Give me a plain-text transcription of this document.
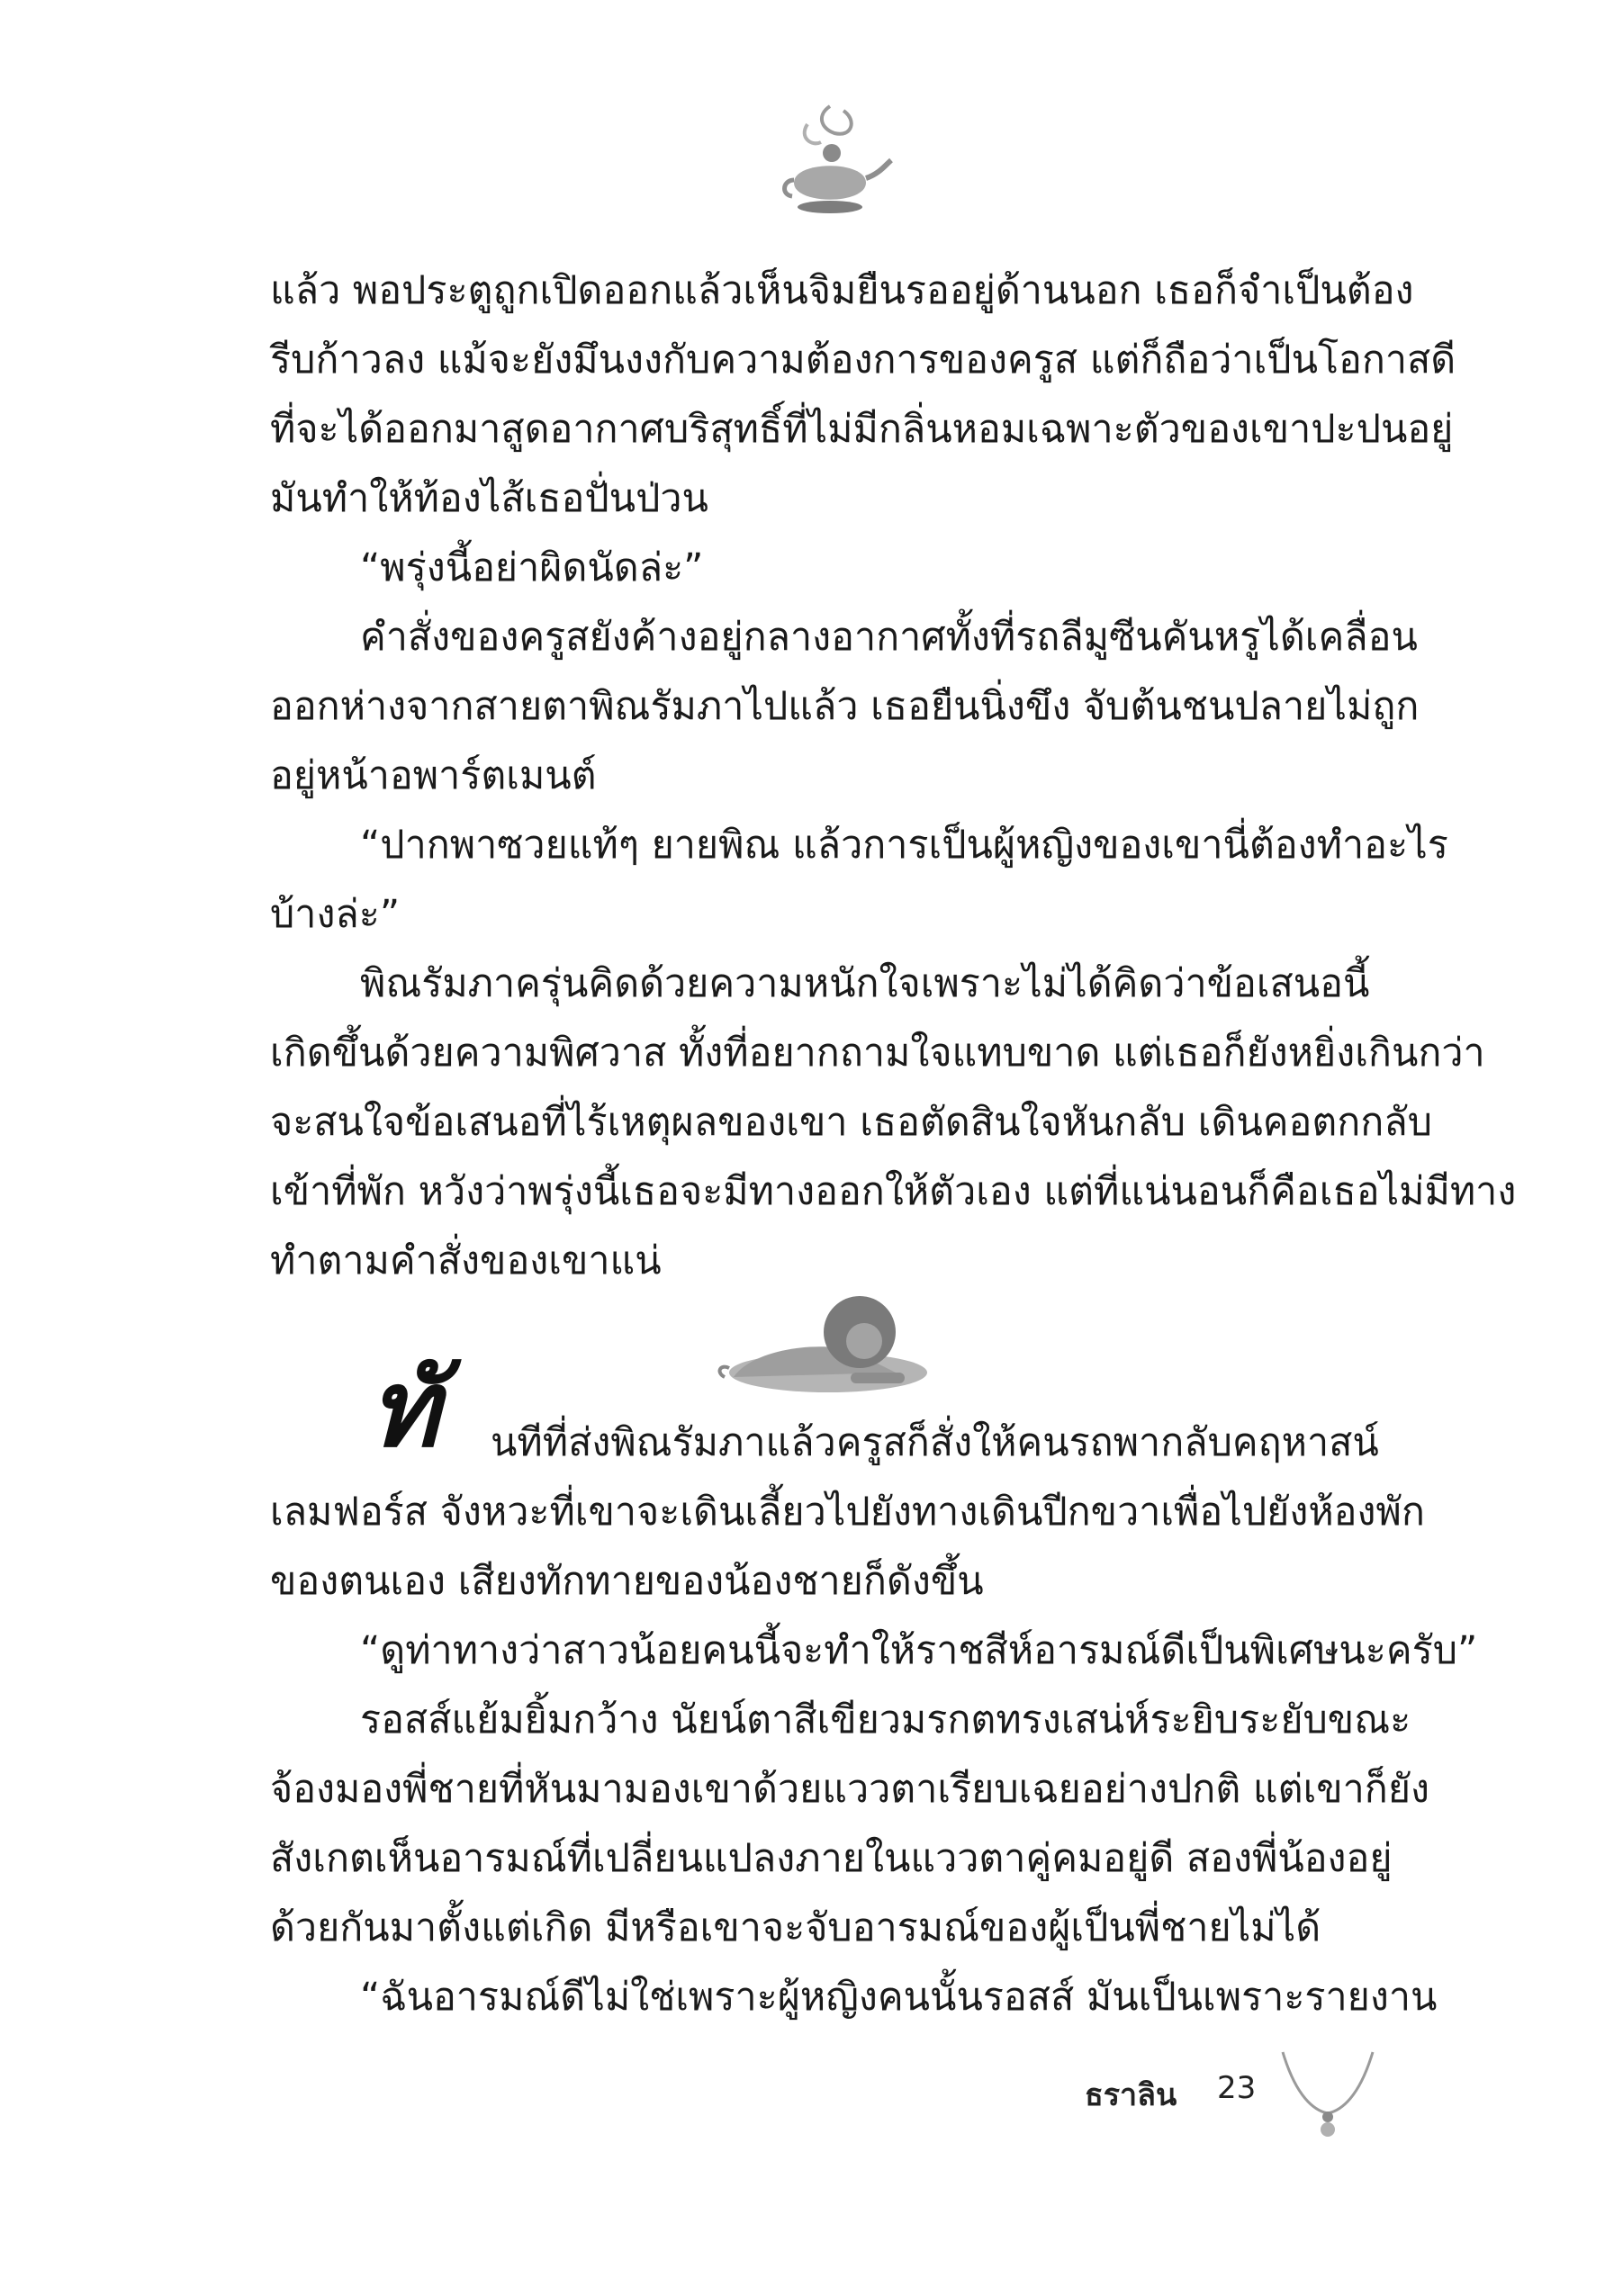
แล้ว พอประตูถูกเปิดออกแล้วเห็นจิมยืนรออยู่ด้านนอก เธอก็จำเป็นต้อง
รีบก้าวลง แม้จะยังมึนงงกับความต้องการของครูส แต่ก็ถือว่าเป็นโอกาสดี
ที่จะได้ออกมาสูดอากาศบริสุทธิ์ที่ไม่มีกลิ่นหอมเฉพาะตัวของเขาปะปนอยู่
มันทำให้ท้องไส้เธอปั่นป่วน
“พรุ่งนี้อย่าผิดนัดล่ะ”
คำสั่งของครูสยังค้างอยู่กลางอากาศทั้งที่รถลีมูซีนคันหรูได้เคลื่อน
ออกห่างจากสายตาพิณรัมภาไปแล้ว เธอยืนนิ่งขึง จับต้นชนปลายไม่ถูก
อยู่หน้าอพาร์ตเมนต์
“ปากพาซวยแท้ๆ ยายพิณ แล้วการเป็นผู้หญิงของเขานี่ต้องทำอะไร
บ้างล่ะ”
พิณรัมภาครุ่นคิดด้วยความหนักใจเพราะไม่ได้คิดว่าข้อเสนอนี้
เกิดขึ้นด้วยความพิศวาส ทั้งที่อยากถามใจแทบขาด แต่เธอก็ยังหยิ่งเกินกว่า
จะสนใจข้อเสนอที่ไร้เหตุผลของเขา เธอตัดสินใจหันกลับ เดินคอตกกลับ
เข้าที่พัก หวังว่าพรุ่งนี้เธอจะมีทางออกให้ตัวเอง แต่ที่แน่นอนก็คือเธอไม่มีทาง
ทำตามคำสั่งของเขาแน่
ทั นทีที่ส่งพิณรัมภาแล้วครูสก็สั่งให้คนรถพากลับคฤหาสน์
เลมฟอร์ส จังหวะที่เขาจะเดินเลี้ยวไปยังทางเดินปีกขวาเพื่อไปยังห้องพัก
ของตนเอง เสียงทักทายของน้องชายก็ดังขึ้น
“ดูท่าทางว่าสาวน้อยคนนี้จะทำให้ราชสีห์อารมณ์ดีเป็นพิเศษนะครับ”
รอสส์แย้มยิ้มกว้าง นัยน์ตาสีเขียวมรกตทรงเสน่ห์ระยิบระยับขณะ
จ้องมองพี่ชายที่หันมามองเขาด้วยแววตาเรียบเฉยอย่างปกติ แต่เขาก็ยัง
สังเกตเห็นอารมณ์ที่เปลี่ยนแปลงภายในแววตาคู่คมอยู่ดี สองพี่น้องอยู่
ด้วยกันมาตั้งแต่เกิด มีหรือเขาจะจับอารมณ์ของผู้เป็นพี่ชายไม่ได้
“ฉันอารมณ์ดีไม่ใช่เพราะผู้หญิงคนนั้นรอสส์ มันเป็นเพราะรายงาน
ธราลิน 23
